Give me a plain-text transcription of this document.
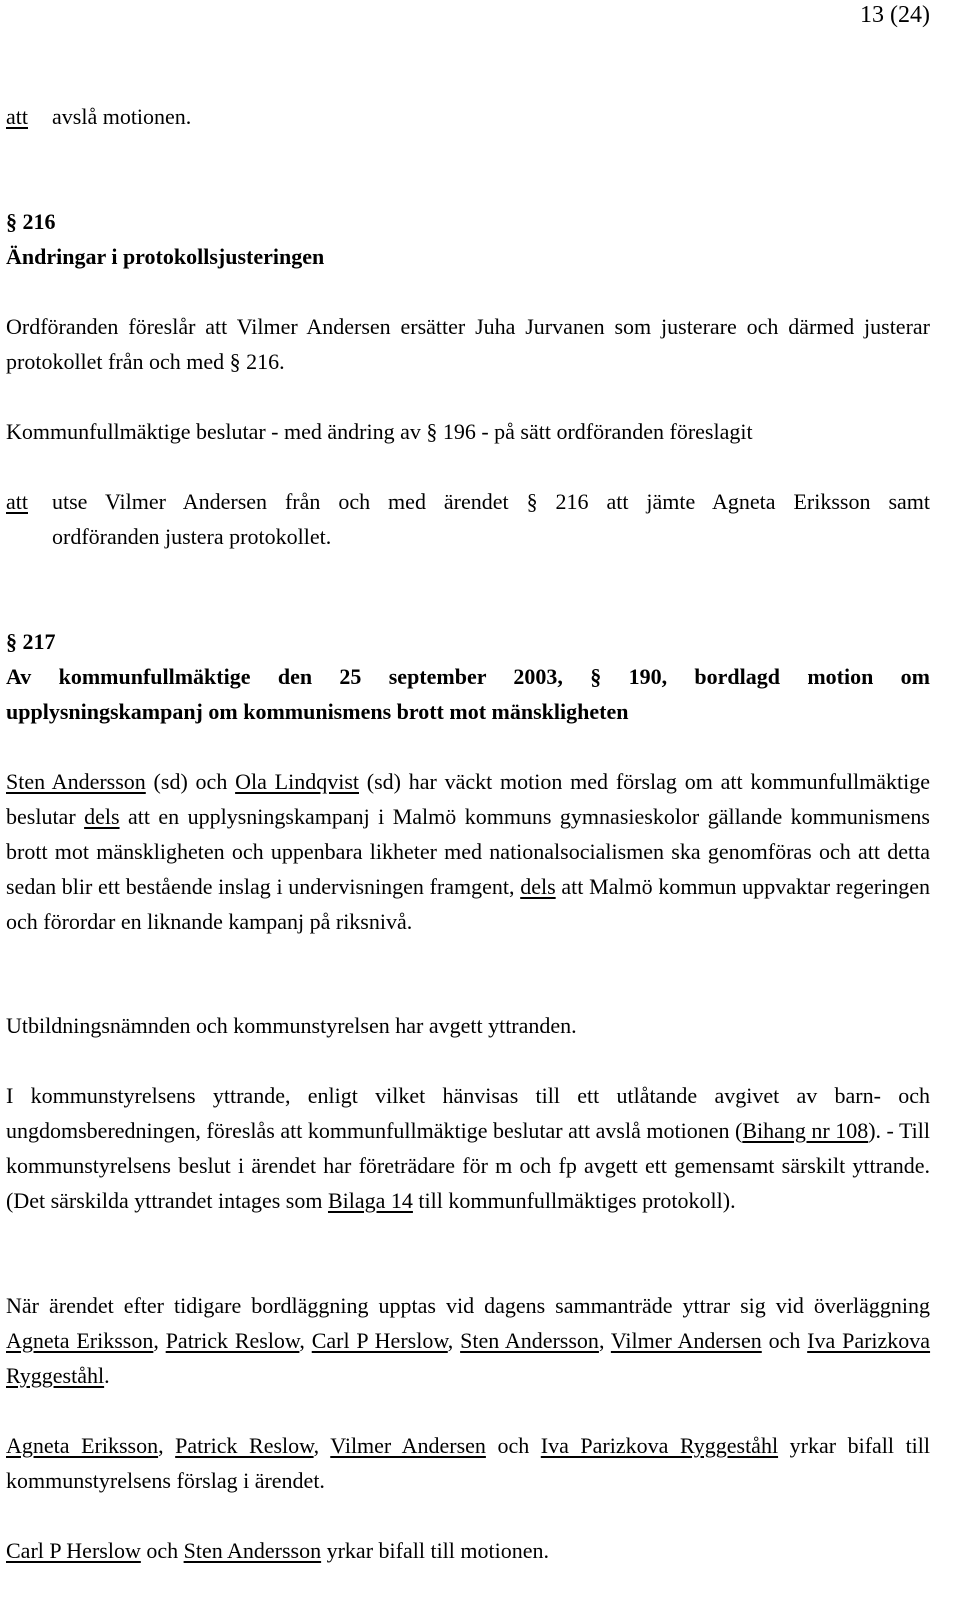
13 (24)
att	avslå motionen.
§ 216
Ändringar i protokollsjusteringen

Ordföranden föreslår att Vilmer Andersen ersätter Juha Jurvanen som justerare och därmed justerar protokollet från och med § 216.

Kommunfullmäktige beslutar - med ändring av § 196 - på sätt ordföranden föreslagit

att	utse Vilmer Andersen från och med ärendet § 216 att jämte Agneta Eriksson samt
ordföranden justera protokollet.
§ 217
Av kommunfullmäktige den 25 september 2003, § 190, bordlagd motion om
upplysningskampanj om kommunismens brott mot mänskligheten

Sten Andersson (sd) och Ola Lindqvist (sd) har väckt motion med förslag om att kommunfullmäktige beslutar dels att en upplysningskampanj i Malmö kommuns gymnasieskolor gällande kommunismens brott mot mänskligheten och uppenbara likheter med nationalsocialismen ska genomföras och att detta sedan blir ett bestående inslag i undervisningen framgent, dels att Malmö kommun uppvaktar regeringen och förordar en liknande kampanj på riksnivå.

Utbildningsnämnden och kommunstyrelsen har avgett yttranden.

I kommunstyrelsens yttrande, enligt vilket hänvisas till ett utlåtande avgivet av barn- och ungdomsberedningen, föreslås att kommunfullmäktige beslutar att avslå motionen (Bihang nr 108). - Till kommunstyrelsens beslut i ärendet har företrädare för m och fp avgett ett gemensamt särskilt yttrande. (Det särskilda yttrandet intages som Bilaga 14 till kommunfullmäktiges protokoll).

När ärendet efter tidigare bordläggning upptas vid dagens sammanträde yttrar sig vid överläggning Agneta Eriksson, Patrick Reslow, Carl P Herslow, Sten Andersson, Vilmer Andersen och Iva Parizkova Ryggeståhl.

Agneta Eriksson, Patrick Reslow, Vilmer Andersen och Iva Parizkova Ryggeståhl yrkar bifall till kommunstyrelsens förslag i ärendet.

Carl P Herslow och Sten Andersson yrkar bifall till motionen.
